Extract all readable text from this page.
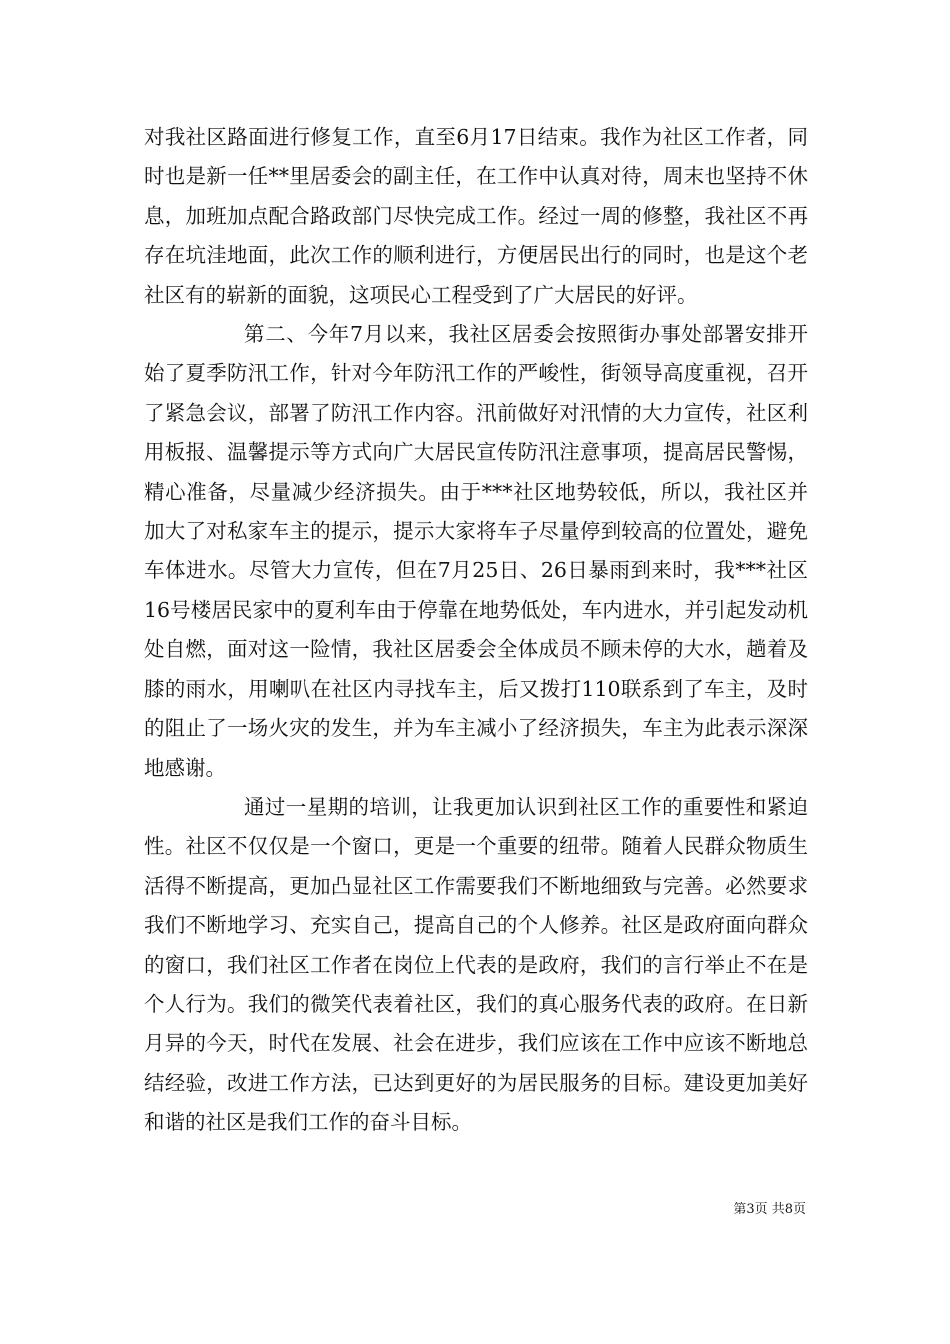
对我社区路面进行修复工作，直至6月17日结束。我作为社区工作者，同时也是新一任**里居委会的副主任，在工作中认真对待，周末也坚持不休息，加班加点配合路政部门尽快完成工作。经过一周的修整，我社区不再存在坑洼地面，此次工作的顺利进行，方便居民出行的同时，也是这个老社区有的崭新的面貌，这项民心工程受到了广大居民的好评。

第二、今年7月以来，我社区居委会按照街办事处部署安排开始了夏季防汛工作，针对今年防汛工作的严峻性，街领导高度重视，召开了紧急会议，部署了防汛工作内容。汛前做好对汛情的大力宣传，社区利用板报、温馨提示等方式向广大居民宣传防汛注意事项，提高居民警惕，精心准备，尽量减少经济损失。由于***社区地势较低，所以，我社区并加大了对私家车主的提示，提示大家将车子尽量停到较高的位置处，避免车体进水。尽管大力宣传，但在7月25日、26日暴雨到来时，我***社区16号楼居民家中的夏利车由于停靠在地势低处，车内进水，并引起发动机处自燃，面对这一险情，我社区居委会全体成员不顾未停的大水，趟着及膝的雨水，用喇叭在社区内寻找车主，后又拨打110联系到了车主，及时的阻止了一场火灾的发生，并为车主减小了经济损失，车主为此表示深深地感谢。

通过一星期的培训，让我更加认识到社区工作的重要性和紧迫性。社区不仅仅是一个窗口，更是一个重要的纽带。随着人民群众物质生活得不断提高，更加凸显社区工作需要我们不断地细致与完善。必然要求我们不断地学习、充实自己，提高自己的个人修养。社区是政府面向群众的窗口，我们社区工作者在岗位上代表的是政府，我们的言行举止不在是个人行为。我们的微笑代表着社区，我们的真心服务代表的政府。在日新月异的今天，时代在发展、社会在进步，我们应该在工作中应该不断地总结经验，改进工作方法，已达到更好的为居民服务的目标。建设更加美好和谐的社区是我们工作的奋斗目标。

第3页 共8页
